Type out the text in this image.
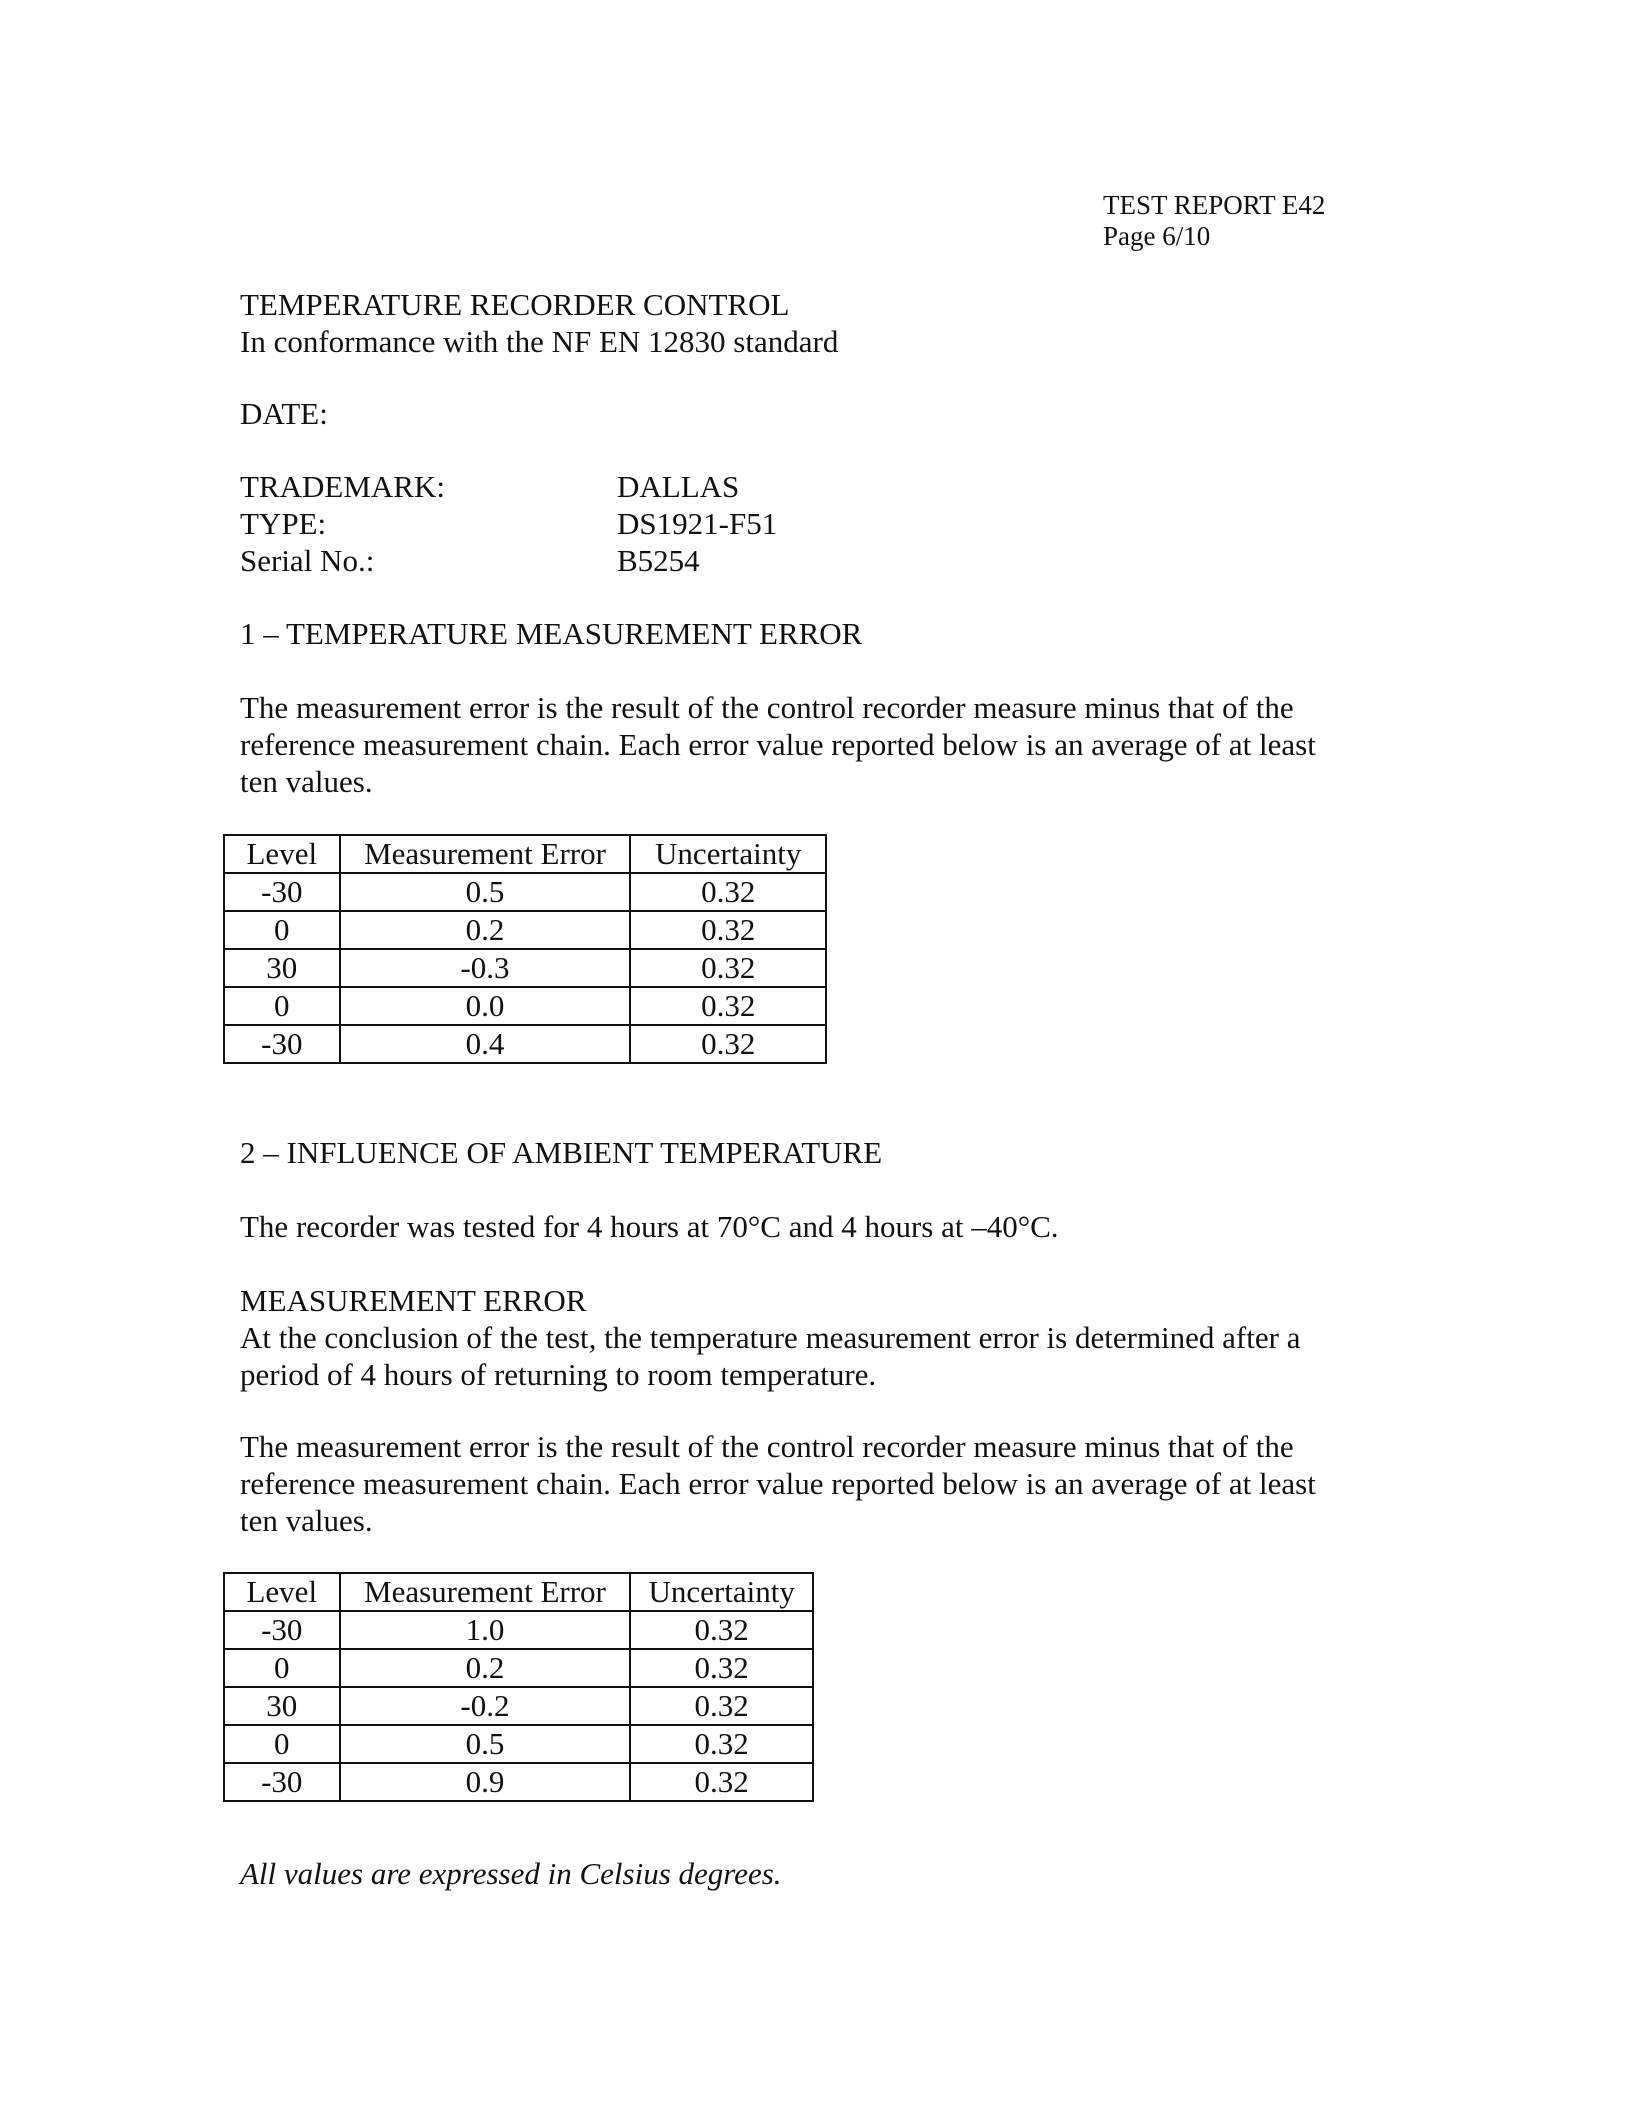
TEST REPORT E42
Page 6/10
TEMPERATURE RECORDER CONTROL
In conformance with the NF EN 12830 standard
DATE:
TRADEMARK:	DALLAS
TYPE:	DS1921-F51
Serial No.:	B5254
1 – TEMPERATURE MEASUREMENT ERROR
The measurement error is the result of the control recorder measure minus that of the
reference measurement chain. Each error value reported below is an average of at least
ten values.
Level	Measurement Error	Uncertainty
-30	0.5	0.32
0	0.2	0.32
30	-0.3	0.32
0	0.0	0.32
-30	0.4	0.32
2 – INFLUENCE OF AMBIENT TEMPERATURE
The recorder was tested for 4 hours at 70°C and 4 hours at –40°C.
MEASUREMENT ERROR
At the conclusion of the test, the temperature measurement error is determined after a
period of 4 hours of returning to room temperature.
The measurement error is the result of the control recorder measure minus that of the
reference measurement chain. Each error value reported below is an average of at least
ten values.
Level	Measurement Error	Uncertainty
-30	1.0	0.32
0	0.2	0.32
30	-0.2	0.32
0	0.5	0.32
-30	0.9	0.32
All values are expressed in Celsius degrees.
